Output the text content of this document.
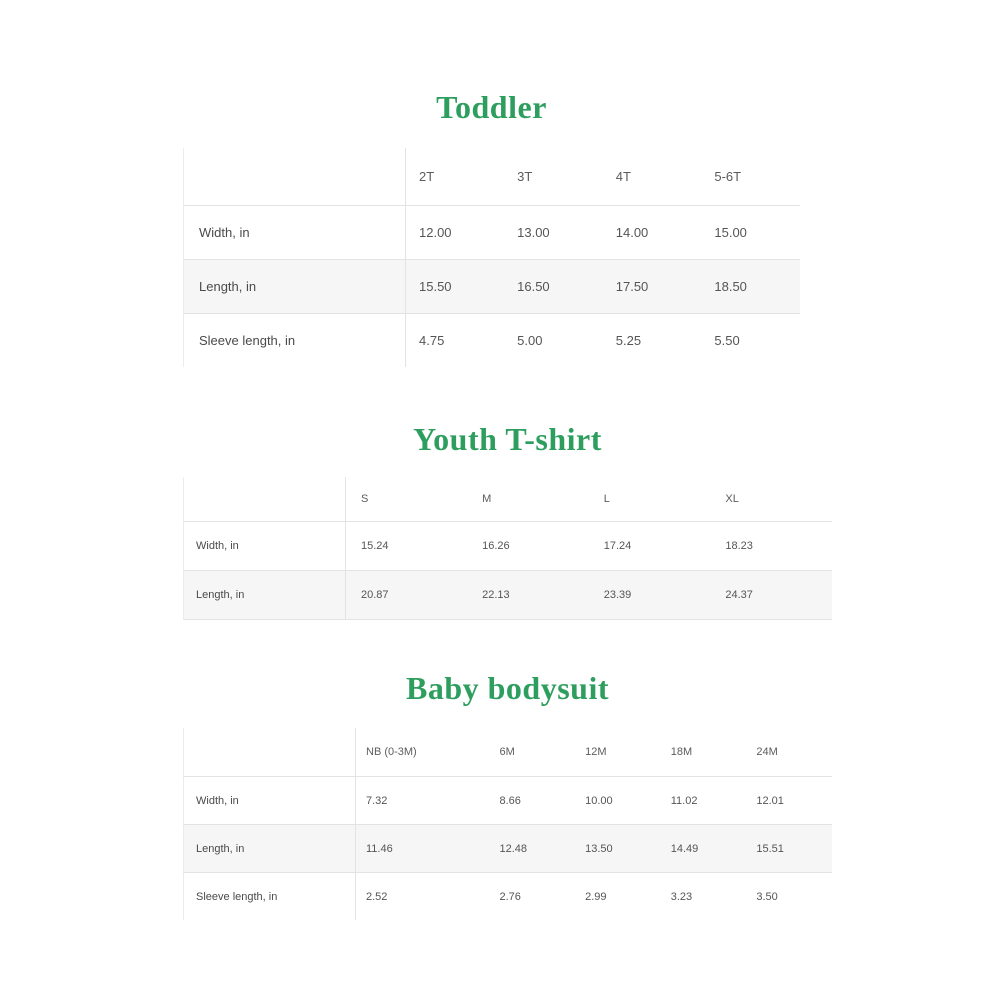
Toddler
	2T	3T	4T	5-6T
Width, in	12.00	13.00	14.00	15.00
Length, in	15.50	16.50	17.50	18.50
Sleeve length, in	4.75	5.00	5.25	5.50
Youth T-shirt
	S	M	L	XL
Width, in	15.24	16.26	17.24	18.23
Length, in	20.87	22.13	23.39	24.37
Baby bodysuit
	NB (0-3M)	6M	12M	18M	24M
Width, in	7.32	8.66	10.00	11.02	12.01
Length, in	11.46	12.48	13.50	14.49	15.51
Sleeve length, in	2.52	2.76	2.99	3.23	3.50
